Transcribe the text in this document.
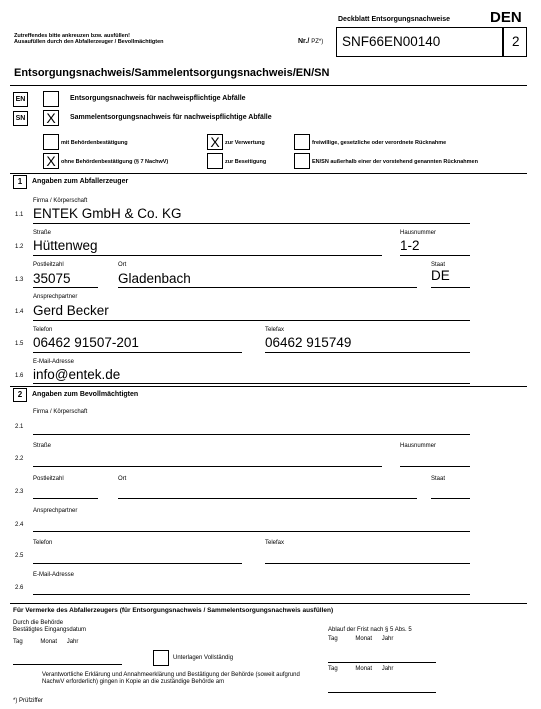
Zutreffendes bitte ankreuzen bzw. ausfüllen!
Ausaufüllen durch den Abfallerzeuger / Bevollmächtigten
Deckblatt Entsorgungsnachweise	DEN
Nr./ PZ*) SNF66EN00140	2
Entsorgungsnachweis/Sammelentsorgungsnachweis/EN/SN
EN	Entsorgungsnachweis für nachweispflichtige Abfälle
SN X	Sammelentsorgungsnachweis für nachweispflichtige Abfälle
mit Behördenbestätigung	X zur Verwertung	freiwillige, gesetzliche oder verordnete Rücknahme
X ohne Behördenbestätigung (§ 7 NachwV)	zur Beseitigung	EN/SN außerhalb einer der vorstehend genannten Rücknahmen
1	Angaben zum Abfallerzeuger
Firma / Körperschaft
1.1 ENTEK GmbH & Co. KG
Straße	Hausnummer
1.2 Hüttenweg	1-2
Postleitzahl	Ort	Staat
1.3 35075	Gladenbach	DE
Ansprechpartner
1.4 Gerd Becker
Telefon	Telefax
1.5 06462 91507-201	06462 915749
E-Mail-Adresse
1.6 info@entek.de
2	Angaben zum Bevollmächtigten
Firma / Körperschaft
2.1
Straße	Hausnummer
2.2
Postleitzahl	Ort	Staat
2.3
Ansprechpartner
2.4
Telefon	Telefax
2.5
E-Mail-Adresse
2.6
Für Vermerke des Abfallerzeugers (für Entsorgungsnachweis / Sammelentsorgungsnachweis ausfüllen)
Durch die Behörde
Bestätigtes Eingangsdatum
Tag	Monat Jahr
Unterlagen Vollständig
Ablauf der Frist nach § 5 Abs. 5
Tag	Monat Jahr
Tag	Monat Jahr
Verantwortliche Erklärung und Annahmeerklärung und Bestätigung der Behörde (soweit aufgrund NachwV erforderlich) gingen in Kopie an die zuständige Behörde am
*) Prüfziffer
